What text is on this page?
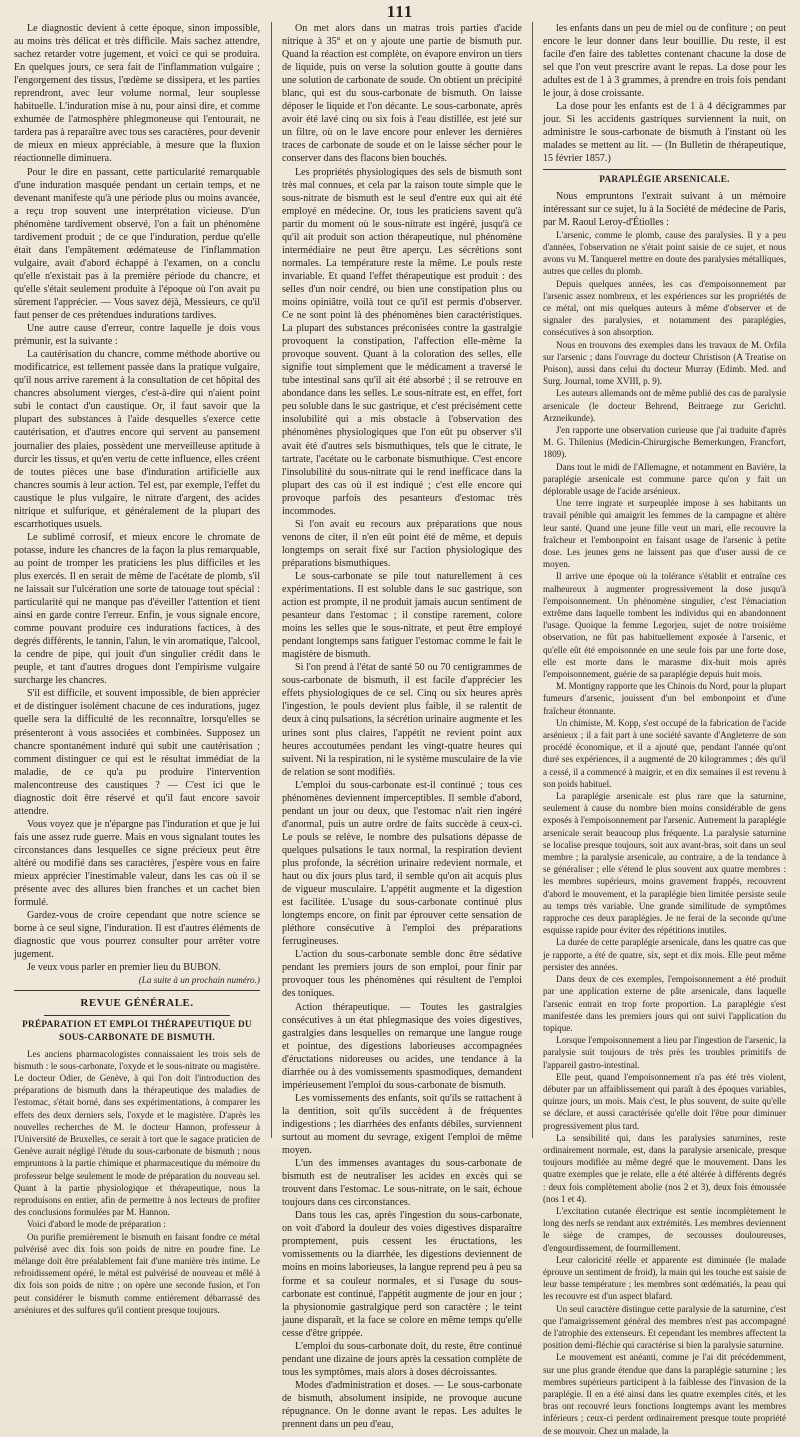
111

Le diagnostic devient à cette époque, sinon impossible, au moins très délicat et très difficile. Mais sachez attendre, sachez retarder votre jugement, et voici ce qui se produira. En quelques jours, ce sera fait de l'inflammation vulgaire ; l'engorgement des tissus, l'œdème se dissipera, et les parties reprendront, avec leur volume normal, leur souplesse habituelle. L'induration mise à nu, pour ainsi dire, et comme exhumée de l'atmosphère phlegmoneuse qui l'entourait, ne tardera pas à reparaître avec tous ses caractères, pour devenir de mieux en mieux appréciable, à mesure que la fluxion réactionnelle diminuera.

Pour le dire en passant, cette particularité remarquable d'une induration masquée pendant un certain temps, et ne devenant manifeste qu'à une période plus ou moins avancée, a reçu trop souvent une interprétation vicieuse. D'un phénomène tardivement observé, l'on a fait un phénomène tardivement produit ; de ce que l'induration, perdue qu'elle était dans l'empâtement œdémateuse de l'inflammation vulgaire, avait d'abord échappé à l'examen, on a conclu qu'elle n'existait pas à la première période du chancre, et qu'elle s'était seulement produite à l'époque où l'on avait pu sûrement l'apprécier. — Vous savez déjà, Messieurs, ce qu'il faut penser de ces prétendues indurations tardives.

Une autre cause d'erreur, contre laquelle je dois vous prémunir, est la suivante :

La cautérisation du chancre, comme méthode abortive ou modificatrice, est tellement passée dans la pratique vulgaire, qu'il nous arrive rarement à la consultation de cet hôpital des chancres absolument vierges, c'est-à-dire qui n'aient point subi le contact d'un caustique. Or, il faut savoir que la plupart des substances à l'aide desquelles s'exerce cette cautérisation, et d'autres encore qui servent au pansement journalier des plaies, possèdent une merveilleuse aptitude à durcir les tissus, et qu'en vertu de cette influence, elles créent de toutes pièces une base d'induration artificielle aux chancres soumis à leur action. Tel est, par exemple, l'effet du caustique le plus vulgaire, le nitrate d'argent, des acides nitrique et sulfurique, et généralement de la plupart des escarrhotiques usuels.

Le sublimé corrosif, et mieux encore le chromate de potasse, indure les chancres de la façon la plus remarquable, au point de tromper les praticiens les plus difficiles et les plus exercés. Il en serait de même de l'acétate de plomb, s'il ne laissait sur l'ulcération une sorte de tatouage tout spécial : particularité qui ne manque pas d'éveiller l'attention et tient ainsi en garde contre l'erreur. Enfin, je vous signale encore, comme pouvant produire ces indurations factices, à des degrés différents, le tannin, l'alun, le vin aromatique, l'alcool, la cendre de pipe, qui jouit d'un singulier crédit dans le peuple, et tant d'autres drogues dont l'empirisme vulgaire surcharge les chancres.

S'il est difficile, et souvent impossible, de bien apprécier et de distinguer isolément chacune de ces indurations, jugez quelle sera la difficulté de les reconnaître, lorsqu'elles se présenteront à vous associées et combinées. Supposez un chancre spontanément induré qui subit une cautérisation ; comment distinguer ce qui est le résultat immédiat de la maladie, de ce qu'a pu produire l'intervention malencontreuse des caustiques ? — C'est ici que le diagnostic doit être réservé et qu'il faut encore savoir attendre.

Vous voyez que je n'épargne pas l'induration et que je lui fais une assez rude guerre. Mais en vous signalant toutes les circonstances dans lesquelles ce signe précieux peut être altéré ou modifié dans ses caractères, j'espère vous en faire mieux apprécier l'inestimable valeur, dans les cas où il se présente avec des allures bien franches et un cachet bien formulé.

Gardez-vous de croire cependant que notre science se borne à ce seul signe, l'induration. Il est d'autres éléments de diagnostic que vous pourrez consulter pour arrêter votre jugement.

Je veux vous parler en premier lieu du BUBON.

(La suite à un prochain numéro.)

REVUE GÉNÉRALE.
PRÉPARATION ET EMPLOI THÉRAPEUTIQUE DU SOUS-CARBONATE DE BISMUTH.

Les anciens pharmacologistes connaissaient les trois sels de bismuth : le sous-carbonate, l'oxyde et le sous-nitrate ou magistère. Le docteur Odier, de Genève, à qui l'on doit l'introduction des préparations de bismuth dans la thérapeutique des maladies de l'estomac, s'était borné, dans ses expérimentations, à comparer les effets des deux derniers sels, l'oxyde et le magistère. D'après les nouvelles recherches de M. le docteur Hannon, professeur à l'Université de Bruxelles, ce serait à tort que le sagace praticien de Genève aurait négligé l'étude du sous-carbonate de bismuth ; nous empruntons à la partie chimique et pharmaceutique du mémoire du professeur belge seulement le mode de préparation du nouveau sel. Quant à la partie physiologique et thérapeutique, nous la reproduisons en entier, afin de permettre à nos lecteurs de profiter des conclusions formulées par M. Hannon.

Voici d'abord le mode de préparation :

On purifie premièrement le bismuth en faisant fondre ce métal pulvérisé avec dix fois son poids de nitre en poudre fine. Le mélange doit être préalablement fait d'une manière très intime. Le refroidissement opéré, le métal est pulvérisé de nouveau et mêlé à dix fois son poids de nitre ; on opère une seconde fusion, et l'on peut considérer le bismuth comme entièrement débarrassé des arséniures et des sulfures qu'il contient presque toujours.

On met alors dans un matras trois parties d'acide nitrique à 35° et on y ajoute une partie de bismuth pur. Quand la réaction est complète, on évapore environ un tiers de liquide, puis on verse la solution goutte à goutte dans une solution de carbonate de soude. On obtient un précipité blanc, qui est du sous-carbonate de bismuth. On laisse déposer le liquide et l'on décante. Le sous-carbonate, après avoir été lavé cinq ou six fois à l'eau distillée, est jeté sur un filtre, où on le lave encore pour enlever les dernières traces de carbonate de soude et on le laisse sécher pour le conserver dans des flacons bien bouchés.

Les propriétés physiologiques des sels de bismuth sont très mal connues, et cela par la raison toute simple que le sous-nitrate de bismuth est le seul d'entre eux qui ait été employé en médecine. Or, tous les praticiens savent qu'à partir du moment où le sous-nitrate est ingéré, jusqu'à ce qu'il ait produit son action thérapeutique, nul phénomène intermédiaire ne peut être aperçu. Les sécrétions sont normales. La température reste la même. Le pouls reste invariable. Et quand l'effet thérapeutique est produit : des selles d'un noir cendré, ou bien une constipation plus ou moins opiniâtre, voilà tout ce qu'il est permis d'observer. Ce ne sont point là des phénomènes bien caractéristiques. La plupart des substances préconisées contre la gastralgie provoquent la constipation, l'affection elle-même la provoque souvent. Quant à la coloration des selles, elle signifie tout simplement que le médicament a traversé le tube intestinal sans qu'il ait été absorbé ; il se retrouve en abondance dans les selles. Le sous-nitrate est, en effet, fort peu soluble dans le suc gastrique, et c'est précisément cette insolubilité qui a mis obstacle à l'observation des phénomènes physiologiques que l'on eût pu observer s'il avait été d'autres sels bismuthiques, tels que le citrate, le tartrate, l'acétate ou le carbonate bismuthique. C'est encore l'insolubilité du sous-nitrate qui le rend inefficace dans la plupart des cas où il est indiqué ; c'est elle encore qui provoque parfois des pesanteurs d'estomac très incommodes.

Si l'on avait eu recours aux préparations que nous venons de citer, il n'en eût point été de même, et depuis longtemps on serait fixé sur l'action physiologique des préparations bismuthiques.

Le sous-carbonate se pile tout naturellement à ces expérimentations. Il est soluble dans le suc gastrique, son action est prompte, il ne produit jamais aucun sentiment de pesanteur dans l'estomac ; il constipe rarement, colore moins les selles que le sous-nitrate, et peut être employé pendant longtemps sans fatiguer l'estomac comme le fait le magistère de bismuth.

Si l'on prend à l'état de santé 50 ou 70 centigrammes de sous-carbonate de bismuth, il est facile d'apprécier les effets physiologiques de ce sel. Cinq ou six heures après l'ingestion, le pouls devient plus faible, il se ralentit de deux à cinq pulsations, la sécrétion urinaire augmente et les urines sont plus claires, l'appétit ne revient point aux heures accoutumées pendant les vingt-quatre heures qui suivent. Ni la respiration, ni le système musculaire de la vie de relation se sont modifiés.

L'emploi du sous-carbonate est-il continué ; tous ces phénomènes deviennent imperceptibles. Il semble d'abord, pendant un jour ou deux, que l'estomac n'ait rien ingéré d'anormal, puis un autre ordre de faits succède à ceux-ci. Le pouls se relève, le nombre des pulsations dépasse de quelques pulsations le taux normal, la respiration devient plus profonde, la sécrétion urinaire redevient normale, et haut ou dix jours plus tard, il semble qu'on ait acquis plus de vigueur musculaire. L'appétit augmente et la digestion est facilitée. L'usage du sous-carbonate continué plus longtemps encore, on finit par éprouver cette sensation de pléthore consécutive à l'emploi des préparations ferrugineuses.

L'action du sous-carbonate semble donc être sédative pendant les premiers jours de son emploi, pour finir par provoquer tous les phénomènes qui résultent de l'emploi des toniques.

Action thérapeutique. — Toutes les gastralgies consécutives à un état phlegmasique des voies digestives, gastralgies dans lesquelles on remarque une langue rouge et pointue, des digestions laborieuses accompagnées d'éructations nidoreuses ou acides, une tendance à la diarrhée ou à des vomissements spasmodiques, demandent impérieusement l'emploi du sous-carbonate de bismuth.

Les vomissements des enfants, soit qu'ils se rattachent à la dentition, soit qu'ils succèdent à de fréquentes indigestions ; les diarrhées des enfants débiles, surviennent surtout au moment du sevrage, exigent l'emploi de même moyen.

L'un des immenses avantages du sous-carbonate de bismuth est de neutraliser les acides en excès qui se trouvent dans l'estomac. Le sous-nitrate, on le sait, échoue toujours dans ces circonstances.

Dans tous les cas, après l'ingestion du sous-carbonate, on voit d'abord la douleur des voies digestives disparaître promptement, puis cessent les éructations, les vomissements ou la diarrhée, les digestions deviennent de moins en moins laborieuses, la langue reprend peu à peu sa forme et sa couleur normales, et si l'usage du sous-carbonate est continué, l'appétit augmente de jour en jour ; la physionomie gastralgique perd son caractère ; le teint jaune disparaît, et la face se colore en même temps qu'elle cesse d'être grippée.

L'emploi du sous-carbonate doit, du reste, être continué pendant une dizaine de jours après la cessation complète de tous les symptômes, mais alors à doses décroissantes.

Modes d'administration et doses. — Le sous-carbonate de bismuth, absolument insipide, ne provoque aucune répugnance. On le donne avant le repas. Les adultes le prennent dans un peu d'eau,

les enfants dans un peu de miel ou de confiture ; on peut encore le leur donner dans leur bouillie. Du reste, il est facile d'en faire des tablettes contenant chacune la dose de sel que l'on veut prescrire avant le repas. La dose pour les adultes est de 1 à 3 grammes, à prendre en trois fois pendant le jour, à dose croissante.

La dose pour les enfants est de 1 à 4 décigrammes par jour. Si les accidents gastriques surviennent la nuit, on administre le sous-carbonate de bismuth à l'instant où les malades se mettent au lit. — (In Bulletin de thérapeutique, 15 février 1857.)

PARAPLÉGIE ARSENICALE.

Nous empruntons l'extrait suivant à un mémoire intéressant sur ce sujet, lu à la Société de médecine de Paris, par M. Raoul Leroy-d'Étiolles :

L'arsenic, comme le plomb, cause des paralysies. Il y a peu d'années, l'observation ne s'était point saisie de ce sujet, et nous avons vu M. Tanquerel mettre en doute des paralysies métalliques, autres que celles du plomb.

Depuis quelques années, les cas d'empoisonnement par l'arsenic assez nombreux, et les expériences sur les propriétés de ce métal, ont mis quelques auteurs à même d'observer et de signaler des paralysies, et notamment des paraplégies, consécutives à son absorption.

Nous en trouvons des exemples dans les travaux de M. Orfila sur l'arsenic ; dans l'ouvrage du docteur Christison (A Treatise on Poison), aussi dans celui du docteur Murray (Edimb. Med. and Surg. Journal, tome XVIII, p. 9).

Les auteurs allemands ont de même publié des cas de paralysie arsenicale (le docteur Behrend, Beitraege zur Gerichtl. Arzneikunde).

J'en rapporte une observation curieuse que j'ai traduite d'après M. G. Thilenius (Medicin-Chirurgische Bemerkungen, Francfort, 1809).

Dans tout le midi de l'Allemagne, et notamment en Bavière, la paraplégie arsenicale est commune parce qu'on y fait un déplorable usage de l'acide arsénieux.

Une terre ingrate et surpeuplée impose à ses habitants un travail pénible qui amaigrit les femmes de la campagne et altère leur santé. Quand une jeune fille veut un mari, elle recouvre la fraîcheur et l'embonpoint en faisant usage de l'arsenic à petite dose. Les jeunes gens ne laissent pas que d'user aussi de ce moyen.

Il arrive une époque où la tolérance s'établit et entraîne ces malheureux à augmenter progressivement la dose jusqu'à l'empoisonnement. Un phénomène singulier, c'est l'émaciation extrême dans laquelle tombent les individus qui en abandonnent l'usage. Quoique la femme Legorjeu, sujet de notre troisième observation, ne fût pas habituellement exposée à l'arsenic, et qu'elle eût été empoisonnée en une seule fois par une forte dose, elle est morte dans le marasme dix-huit mois après l'empoisonnement, guérie de sa paraplégie depuis huit mois.

M. Montigny rapporte que les Chinois du Nord, pour la plupart fumeurs d'arsenic, jouissent d'un bel embonpoint et d'une fraîcheur étonnante.

Un chimiste, M. Kopp, s'est occupé de la fabrication de l'acide arsénieux ; il a fait part à une société savante d'Angleterre de son procédé économique, et il a ajouté que, pendant l'année qu'ont duré ses expériences, il a augmenté de 20 kilogrammes ; dès qu'il a cessé, il a commencé à maigrir, et en dix semaines il est revenu à son poids habituel.

La paraplégie arsenicale est plus rare que la saturnine, seulement à cause du nombre bien moins considérable de gens exposés à l'empoisonnement par l'arsenic. Autrement la paraplégie arsenicale serait beaucoup plus fréquente. La paralysie saturnine se localise presque toujours, soit aux avant-bras, soit dans un seul membre ; la paralysie arsenicale, au contraire, a de la tendance à se généraliser ; elle s'étend le plus souvent aux quatre membres : les membres supérieurs, moins gravement frappés, recouvrent d'abord le mouvement, et la paraplégie bien limitée persiste seule au temps très variable. Une grande similitude de symptômes rapproche ces deux paraplégies. Je ne ferai de la seconde qu'une esquisse rapide pour éviter des répétitions inutiles.

La durée de cette paraplégie arsenicale, dans les quatre cas que je rapporte, a été de quatre, six, sept et dix mois. Elle peut même persister des années.

Dans deux de ces exemples, l'empoisonnement a été produit par une application externe de pâte arsenicale, dans laquelle l'arsenic entrait en trop forte proportion. La paraplégie s'est manifestée dans les premiers jours qui ont suivi l'application du topique.

Lorsque l'empoisonnement a lieu par l'ingestion de l'arsenic, la paralysie suit toujours de très près les troubles primitifs de l'appareil gastro-intestinal.

Elle peut, quand l'empoisonnement n'a pas été très violent, débuter par un affaiblissement qui paraît à des époques variables, quinze jours, un mois. Mais c'est, le plus souvent, de suite qu'elle se déclare, et aussi caractérisée qu'elle doit l'être pour diminuer progressivement plus tard.

La sensibilité qui, dans les paralysies saturnines, reste ordinairement normale, est, dans la paralysie arsenicale, presque toujours modifiée au même degré que le mouvement. Dans les quatre exemples que je relate, elle a été altérée à différents degrés : deux fois complètement abolie (nos 2 et 3), deux fois émoussée (nos 1 et 4).

L'excitation cutanée électrique est sentie incomplètement le long des nerfs se rendant aux extrémités. Les membres deviennent le siège de crampes, de secousses douloureuses, d'engourdissement, de fourmillement.

Leur caloricité réelle et apparente est diminuée (le malade éprouve un sentiment de froid), la main qui les touche est saisie de leur basse température ; les membres sont œdématiés, la peau qui les recouvre est d'un aspect blafard.

Un seul caractère distingue cette paralysie de la saturnine, c'est que l'amaigrissement général des membres n'est pas accompagné de l'atrophie des extenseurs. Et cependant les membres affectent la position demi-fléchie qui caractérise si bien la paralysie saturnine.

Le mouvement est anéanti, comme je l'ai dit précédemment, sur une plus grande étendue que dans la paraplégie saturnine ; les membres supérieurs participent à la faiblesse des l'invasion de la paraplégie. Il en a été ainsi dans les quatre exemples cités, et les bras ont recouvré leurs fonctions longtemps avant les membres inférieurs ; ceux-ci perdent ordinairement presque toute propriété de se mouvoir. Chez un malade, la
